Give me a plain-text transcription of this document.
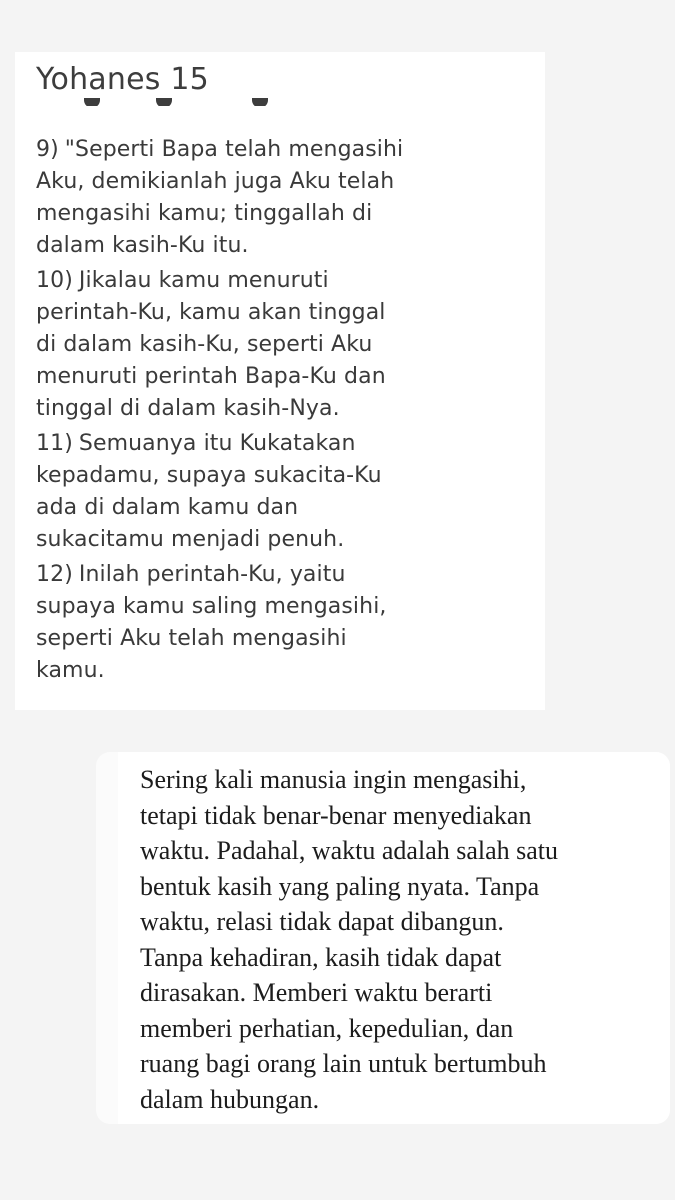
Yohanes 15
9) "Seperti Bapa telah mengasihi
Aku, demikianlah juga Aku telah
mengasihi kamu; tinggallah di
dalam kasih-Ku itu.
10) Jikalau kamu menuruti
perintah-Ku, kamu akan tinggal
di dalam kasih-Ku, seperti Aku
menuruti perintah Bapa-Ku dan
tinggal di dalam kasih-Nya.
11) Semuanya itu Kukatakan
kepadamu, supaya sukacita-Ku
ada di dalam kamu dan
sukacitamu menjadi penuh.
12) Inilah perintah-Ku, yaitu
supaya kamu saling mengasihi,
seperti Aku telah mengasihi
kamu.

Sering kali manusia ingin mengasihi,
tetapi tidak benar-benar menyediakan
waktu. Padahal, waktu adalah salah satu
bentuk kasih yang paling nyata. Tanpa
waktu, relasi tidak dapat dibangun.
Tanpa kehadiran, kasih tidak dapat
dirasakan. Memberi waktu berarti
memberi perhatian, kepedulian, dan
ruang bagi orang lain untuk bertumbuh
dalam hubungan.
